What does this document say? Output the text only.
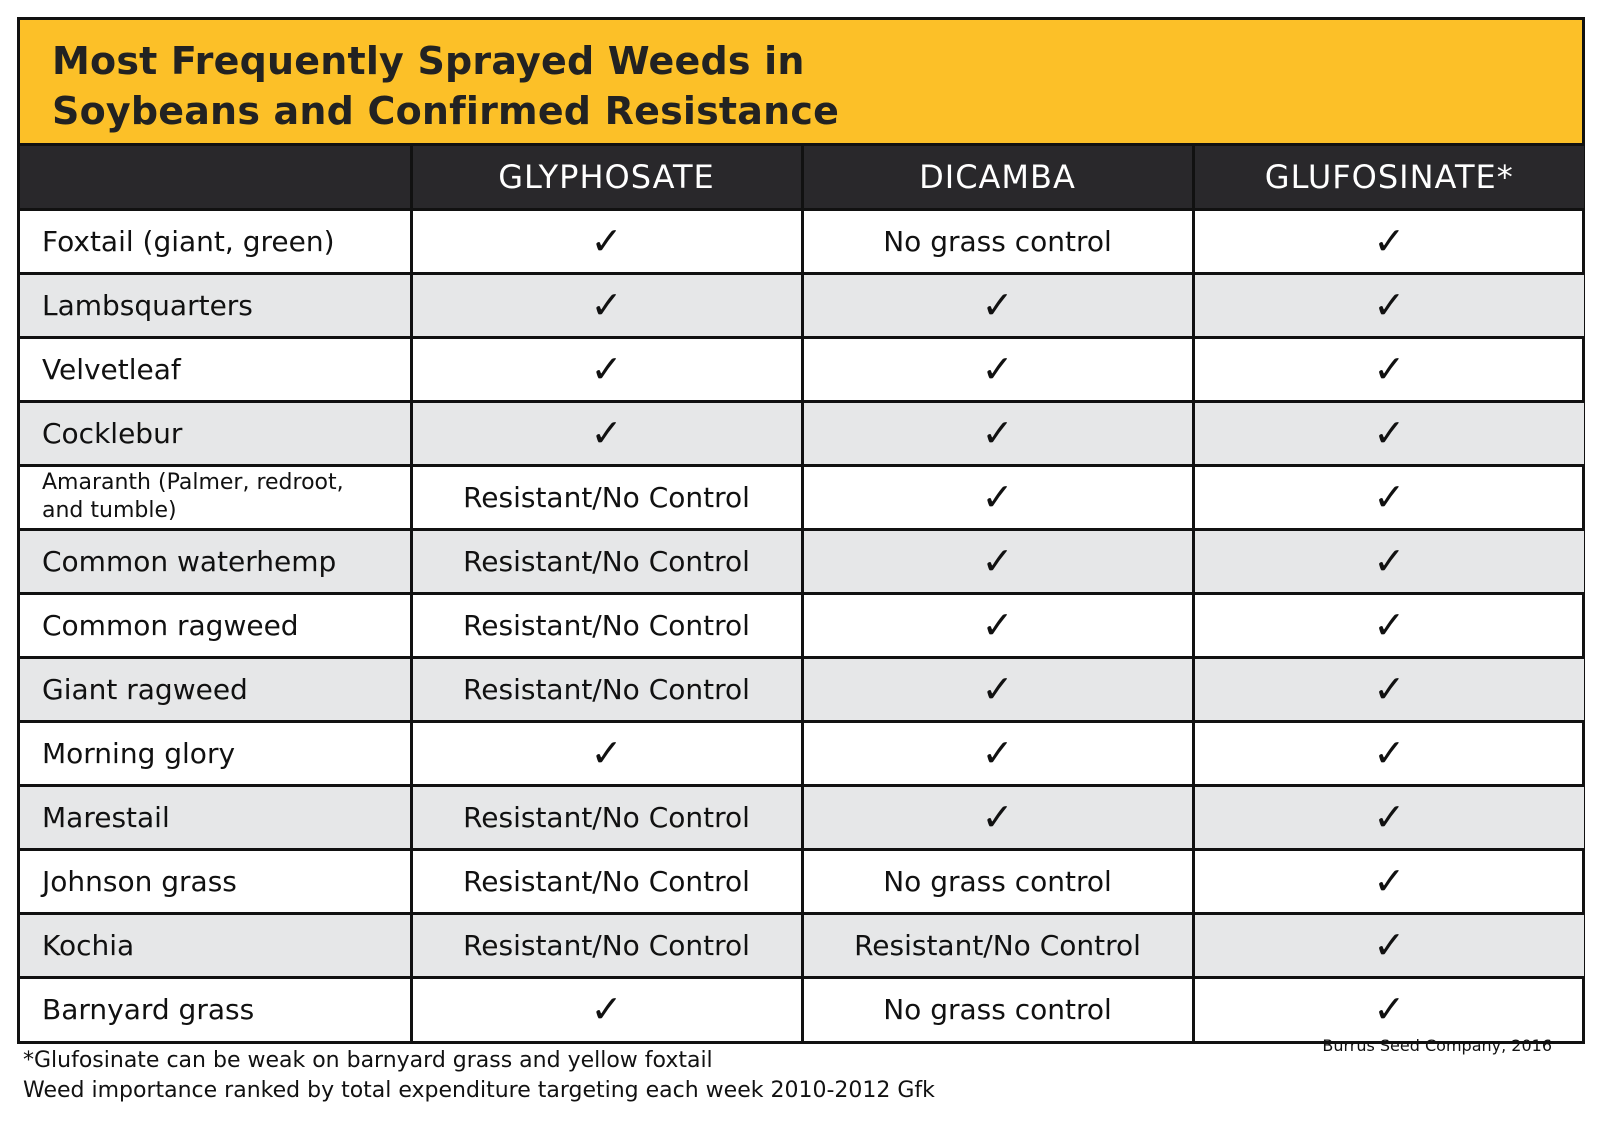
Most Frequently Sprayed Weeds in
Soybeans and Confirmed Resistance
	GLYPHOSATE	DICAMBA	GLUFOSINATE*
Foxtail (giant, green)	✓	No grass control	✓
Lambsquarters	✓	✓	✓
Velvetleaf	✓	✓	✓
Cocklebur	✓	✓	✓
Amaranth (Palmer, redroot, and tumble)	Resistant/No Control	✓	✓
Common waterhemp	Resistant/No Control	✓	✓
Common ragweed	Resistant/No Control	✓	✓
Giant ragweed	Resistant/No Control	✓	✓
Morning glory	✓	✓	✓
Marestail	Resistant/No Control	✓	✓
Johnson grass	Resistant/No Control	No grass control	✓
Kochia	Resistant/No Control	Resistant/No Control	✓
Barnyard grass	✓	No grass control	✓
*Glufosinate can be weak on barnyard grass and yellow foxtail
Weed importance ranked by total expenditure targeting each week 2010-2012 Gfk
Burrus Seed Company, 2016
